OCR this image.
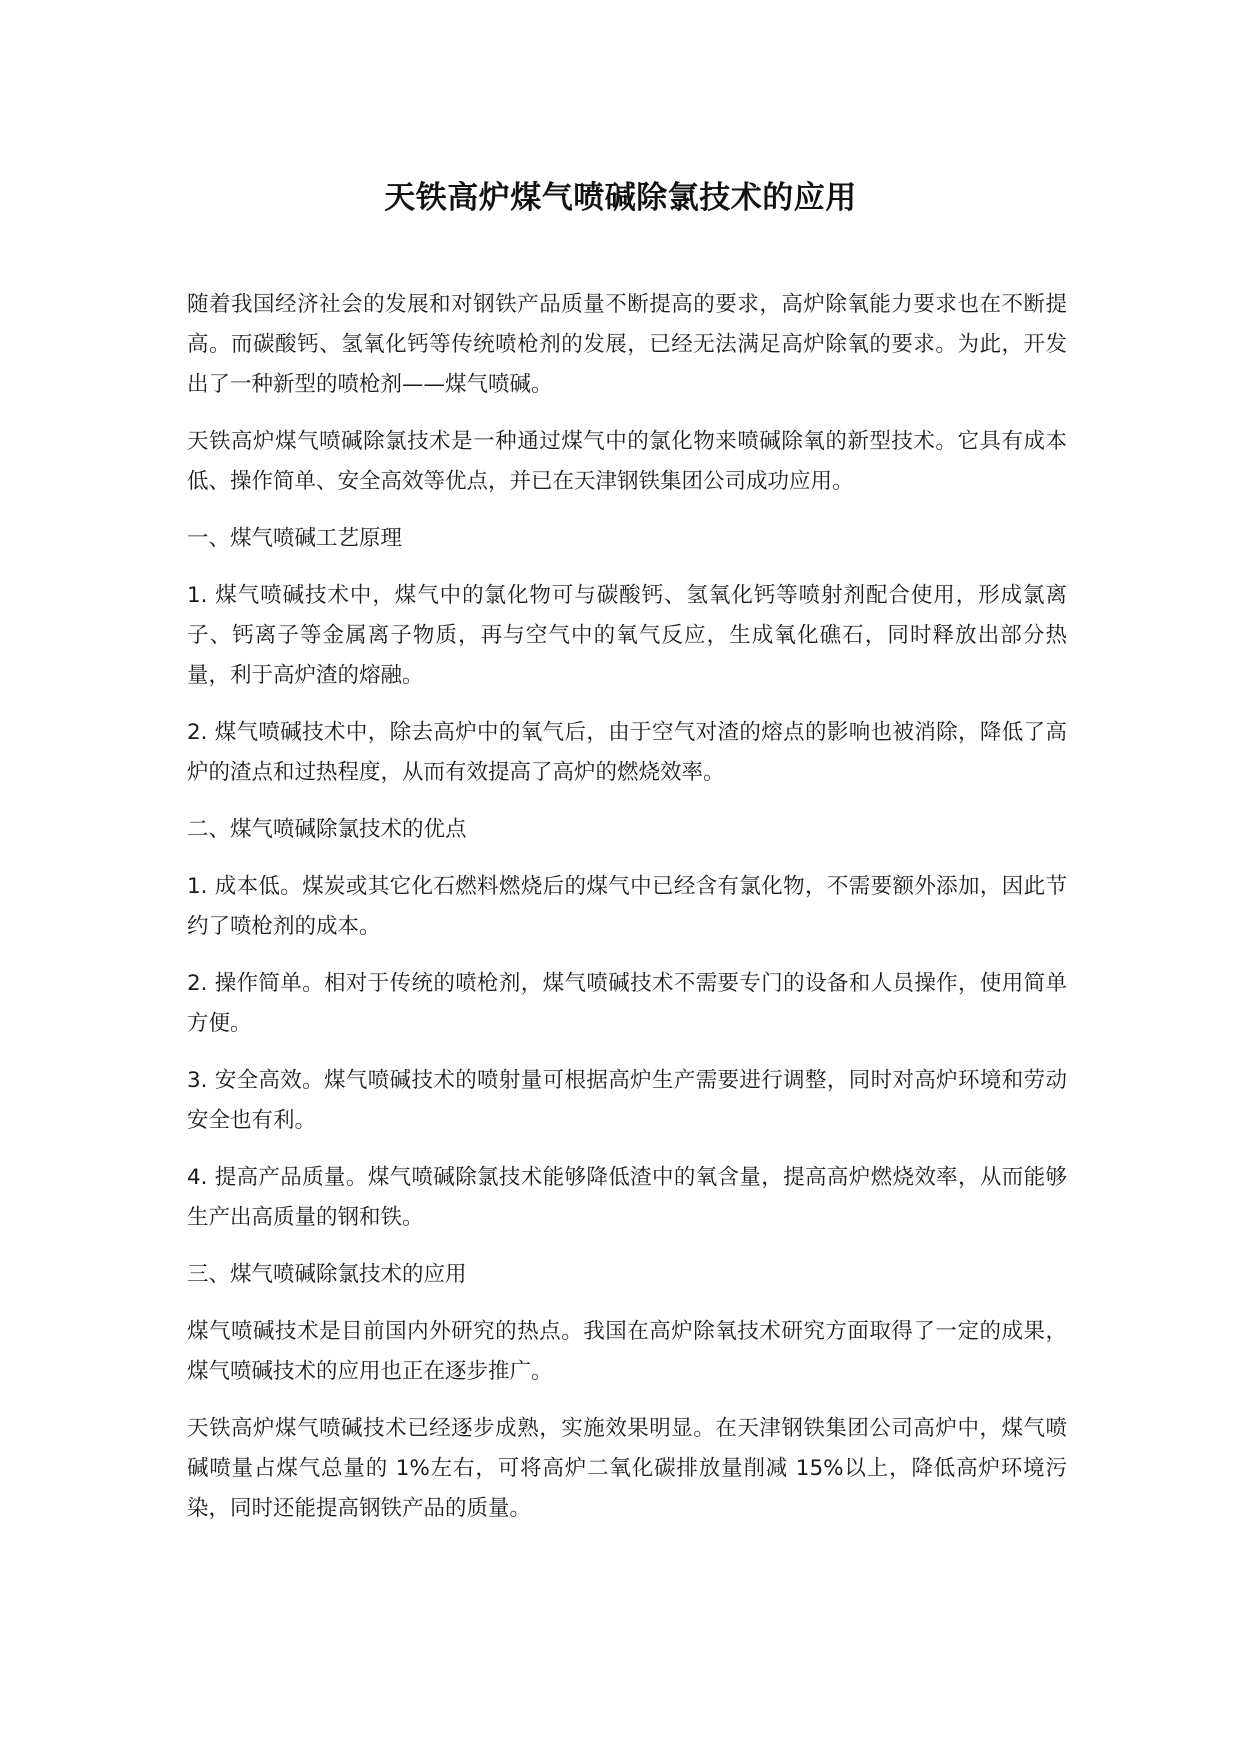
天铁高炉煤气喷碱除氯技术的应用

随着我国经济社会的发展和对钢铁产品质量不断提高的要求，高炉除氧能力要求也在不断提高。而碳酸钙、氢氧化钙等传统喷枪剂的发展，已经无法满足高炉除氧的要求。为此，开发出了一种新型的喷枪剂——煤气喷碱。

天铁高炉煤气喷碱除氯技术是一种通过煤气中的氯化物来喷碱除氧的新型技术。它具有成本低、操作简单、安全高效等优点，并已在天津钢铁集团公司成功应用。

一、煤气喷碱工艺原理

1. 煤气喷碱技术中，煤气中的氯化物可与碳酸钙、氢氧化钙等喷射剂配合使用，形成氯离子、钙离子等金属离子物质，再与空气中的氧气反应，生成氧化礁石，同时释放出部分热量，利于高炉渣的熔融。

2. 煤气喷碱技术中，除去高炉中的氧气后，由于空气对渣的熔点的影响也被消除，降低了高炉的渣点和过热程度，从而有效提高了高炉的燃烧效率。

二、煤气喷碱除氯技术的优点

1. 成本低。煤炭或其它化石燃料燃烧后的煤气中已经含有氯化物，不需要额外添加，因此节约了喷枪剂的成本。

2. 操作简单。相对于传统的喷枪剂，煤气喷碱技术不需要专门的设备和人员操作，使用简单方便。

3. 安全高效。煤气喷碱技术的喷射量可根据高炉生产需要进行调整，同时对高炉环境和劳动安全也有利。

4. 提高产品质量。煤气喷碱除氯技术能够降低渣中的氧含量，提高高炉燃烧效率，从而能够生产出高质量的钢和铁。

三、煤气喷碱除氯技术的应用

煤气喷碱技术是目前国内外研究的热点。我国在高炉除氧技术研究方面取得了一定的成果，煤气喷碱技术的应用也正在逐步推广。

天铁高炉煤气喷碱技术已经逐步成熟，实施效果明显。在天津钢铁集团公司高炉中，煤气喷碱喷量占煤气总量的 1%左右，可将高炉二氧化碳排放量削减 15%以上，降低高炉环境污染，同时还能提高钢铁产品的质量。
